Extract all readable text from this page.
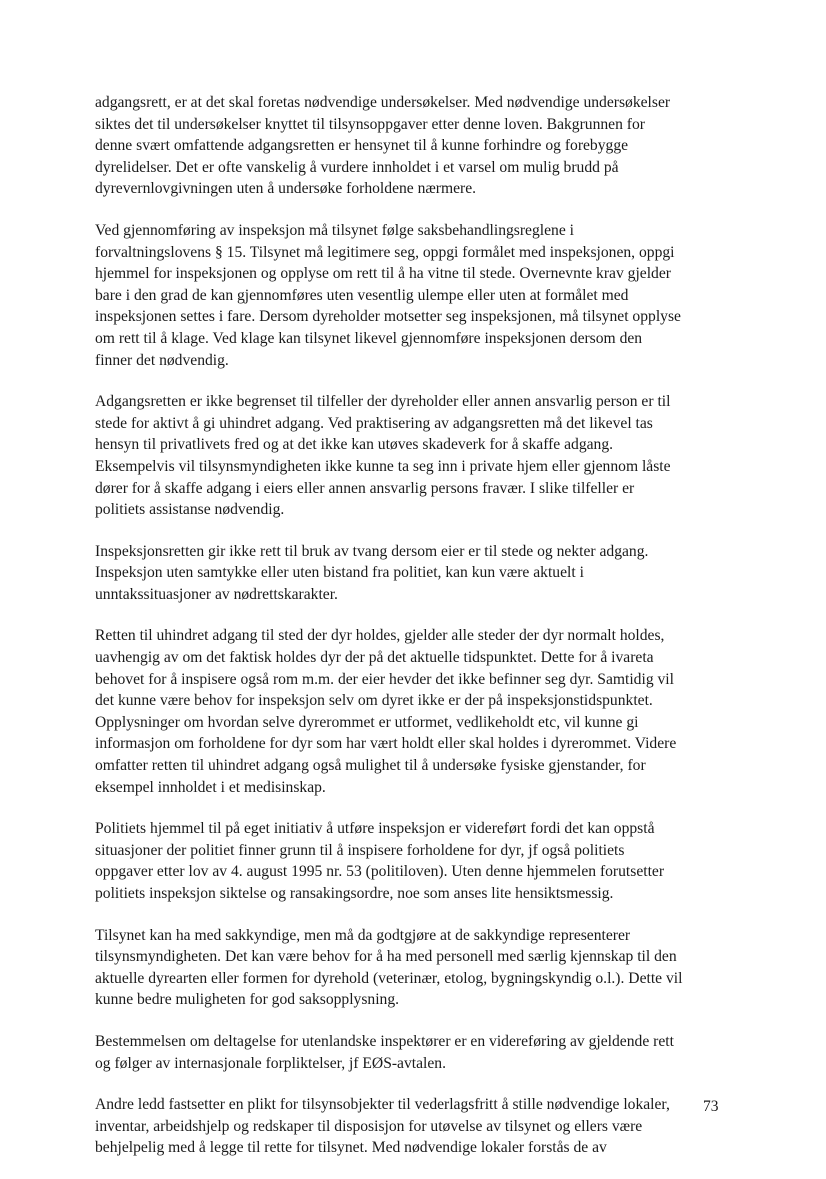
adgangsrett, er at det skal foretas nødvendige undersøkelser. Med nødvendige undersøkelser
siktes det til undersøkelser knyttet til tilsynsoppgaver etter denne loven. Bakgrunnen for
denne svært omfattende adgangsretten er hensynet til å kunne forhindre og forebygge
dyrelidelser. Det er ofte vanskelig å vurdere innholdet i et varsel om mulig brudd på
dyrevernlovgivningen uten å undersøke forholdene nærmere.
Ved gjennomføring av inspeksjon må tilsynet følge saksbehandlingsreglene i
forvaltningslovens § 15. Tilsynet må legitimere seg, oppgi formålet med inspeksjonen, oppgi
hjemmel for inspeksjonen og opplyse om rett til å ha vitne til stede. Overnevnte krav gjelder
bare i den grad de kan gjennomføres uten vesentlig ulempe eller uten at formålet med
inspeksjonen settes i fare. Dersom dyreholder motsetter seg inspeksjonen, må tilsynet opplyse
om rett til å klage. Ved klage kan tilsynet likevel gjennomføre inspeksjonen dersom den
finner det nødvendig.
Adgangsretten er ikke begrenset til tilfeller der dyreholder eller annen ansvarlig person er til
stede for aktivt å gi uhindret adgang. Ved praktisering av adgangsretten må det likevel tas
hensyn til privatlivets fred og at det ikke kan utøves skadeverk for å skaffe adgang.
Eksempelvis vil tilsynsmyndigheten ikke kunne ta seg inn i private hjem eller gjennom låste
dører for å skaffe adgang i eiers eller annen ansvarlig persons fravær. I slike tilfeller er
politiets assistanse nødvendig.
Inspeksjonsretten gir ikke rett til bruk av tvang dersom eier er til stede og nekter adgang.
Inspeksjon uten samtykke eller uten bistand fra politiet, kan kun være aktuelt i
unntakssituasjoner av nødrettskarakter.
Retten til uhindret adgang til sted der dyr holdes, gjelder alle steder der dyr normalt holdes,
uavhengig av om det faktisk holdes dyr der på det aktuelle tidspunktet. Dette for å ivareta
behovet for å inspisere også rom m.m. der eier hevder det ikke befinner seg dyr. Samtidig vil
det kunne være behov for inspeksjon selv om dyret ikke er der på inspeksjonstidspunktet.
Opplysninger om hvordan selve dyrerommet er utformet, vedlikeholdt etc, vil kunne gi
informasjon om forholdene for dyr som har vært holdt eller skal holdes i dyrerommet. Videre
omfatter retten til uhindret adgang også mulighet til å undersøke fysiske gjenstander, for
eksempel innholdet i et medisinskap.
Politiets hjemmel til på eget initiativ å utføre inspeksjon er videreført fordi det kan oppstå
situasjoner der politiet finner grunn til å inspisere forholdene for dyr, jf også politiets
oppgaver etter lov av 4. august 1995 nr. 53 (politiloven). Uten denne hjemmelen forutsetter
politiets inspeksjon siktelse og ransakingsordre, noe som anses lite hensiktsmessig.
Tilsynet kan ha med sakkyndige, men må da godtgjøre at de sakkyndige representerer
tilsynsmyndigheten. Det kan være behov for å ha med personell med særlig kjennskap til den
aktuelle dyrearten eller formen for dyrehold (veterinær, etolog, bygningskyndig o.l.). Dette vil
kunne bedre muligheten for god saksopplysning.
Bestemmelsen om deltagelse for utenlandske inspektører er en videreføring av gjeldende rett
og følger av internasjonale forpliktelser, jf EØS-avtalen.
Andre ledd fastsetter en plikt for tilsynsobjekter til vederlagsfritt å stille nødvendige lokaler,
inventar, arbeidshjelp og redskaper til disposisjon for utøvelse av tilsynet og ellers være
behjelpelig med å legge til rette for tilsynet. Med nødvendige lokaler forstås de av
73
